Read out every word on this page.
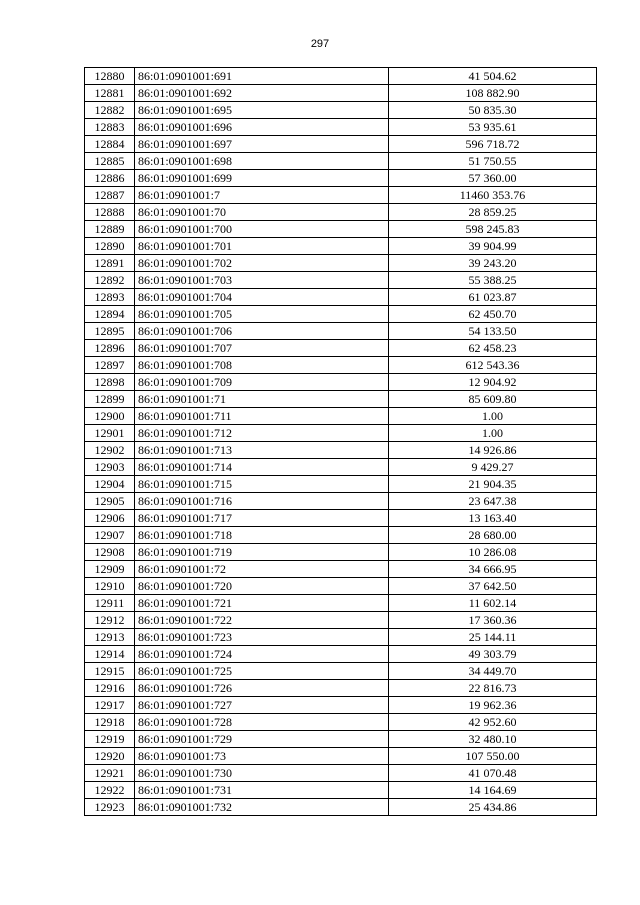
297
12880	86:01:0901001:691	41 504.62
12881	86:01:0901001:692	108 882.90
12882	86:01:0901001:695	50 835.30
12883	86:01:0901001:696	53 935.61
12884	86:01:0901001:697	596 718.72
12885	86:01:0901001:698	51 750.55
12886	86:01:0901001:699	57 360.00
12887	86:01:0901001:7	11460 353.76
12888	86:01:0901001:70	28 859.25
12889	86:01:0901001:700	598 245.83
12890	86:01:0901001:701	39 904.99
12891	86:01:0901001:702	39 243.20
12892	86:01:0901001:703	55 388.25
12893	86:01:0901001:704	61 023.87
12894	86:01:0901001:705	62 450.70
12895	86:01:0901001:706	54 133.50
12896	86:01:0901001:707	62 458.23
12897	86:01:0901001:708	612 543.36
12898	86:01:0901001:709	12 904.92
12899	86:01:0901001:71	85 609.80
12900	86:01:0901001:711	1.00
12901	86:01:0901001:712	1.00
12902	86:01:0901001:713	14 926.86
12903	86:01:0901001:714	9 429.27
12904	86:01:0901001:715	21 904.35
12905	86:01:0901001:716	23 647.38
12906	86:01:0901001:717	13 163.40
12907	86:01:0901001:718	28 680.00
12908	86:01:0901001:719	10 286.08
12909	86:01:0901001:72	34 666.95
12910	86:01:0901001:720	37 642.50
12911	86:01:0901001:721	11 602.14
12912	86:01:0901001:722	17 360.36
12913	86:01:0901001:723	25 144.11
12914	86:01:0901001:724	49 303.79
12915	86:01:0901001:725	34 449.70
12916	86:01:0901001:726	22 816.73
12917	86:01:0901001:727	19 962.36
12918	86:01:0901001:728	42 952.60
12919	86:01:0901001:729	32 480.10
12920	86:01:0901001:73	107 550.00
12921	86:01:0901001:730	41 070.48
12922	86:01:0901001:731	14 164.69
12923	86:01:0901001:732	25 434.86
